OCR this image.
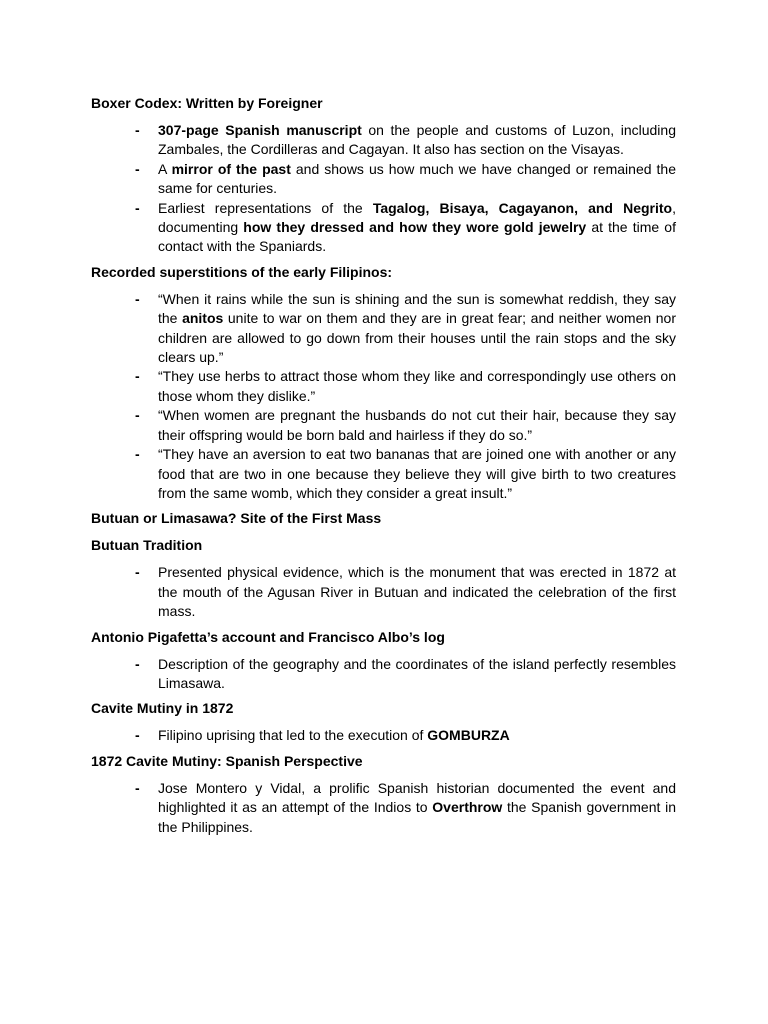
Boxer Codex: Written by Foreigner
- 307-page Spanish manuscript on the people and customs of Luzon, including Zambales, the Cordilleras and Cagayan. It also has section on the Visayas.
- A mirror of the past and shows us how much we have changed or remained the same for centuries.
- Earliest representations of the Tagalog, Bisaya, Cagayanon, and Negrito, documenting how they dressed and how they wore gold jewelry at the time of contact with the Spaniards.
Recorded superstitions of the early Filipinos:
- “When it rains while the sun is shining and the sun is somewhat reddish, they say the anitos unite to war on them and they are in great fear; and neither women nor children are allowed to go down from their houses until the rain stops and the sky clears up.”
- “They use herbs to attract those whom they like and correspondingly use others on those whom they dislike.”
- “When women are pregnant the husbands do not cut their hair, because they say their offspring would be born bald and hairless if they do so.”
- “They have an aversion to eat two bananas that are joined one with another or any food that are two in one because they believe they will give birth to two creatures from the same womb, which they consider a great insult.”
Butuan or Limasawa? Site of the First Mass
Butuan Tradition
- Presented physical evidence, which is the monument that was erected in 1872 at the mouth of the Agusan River in Butuan and indicated the celebration of the first mass.
Antonio Pigafetta’s account and Francisco Albo’s log
- Description of the geography and the coordinates of the island perfectly resembles Limasawa.
Cavite Mutiny in 1872
- Filipino uprising that led to the execution of GOMBURZA
1872 Cavite Mutiny: Spanish Perspective
- Jose Montero y Vidal, a prolific Spanish historian documented the event and highlighted it as an attempt of the Indios to Overthrow the Spanish government in the Philippines.
